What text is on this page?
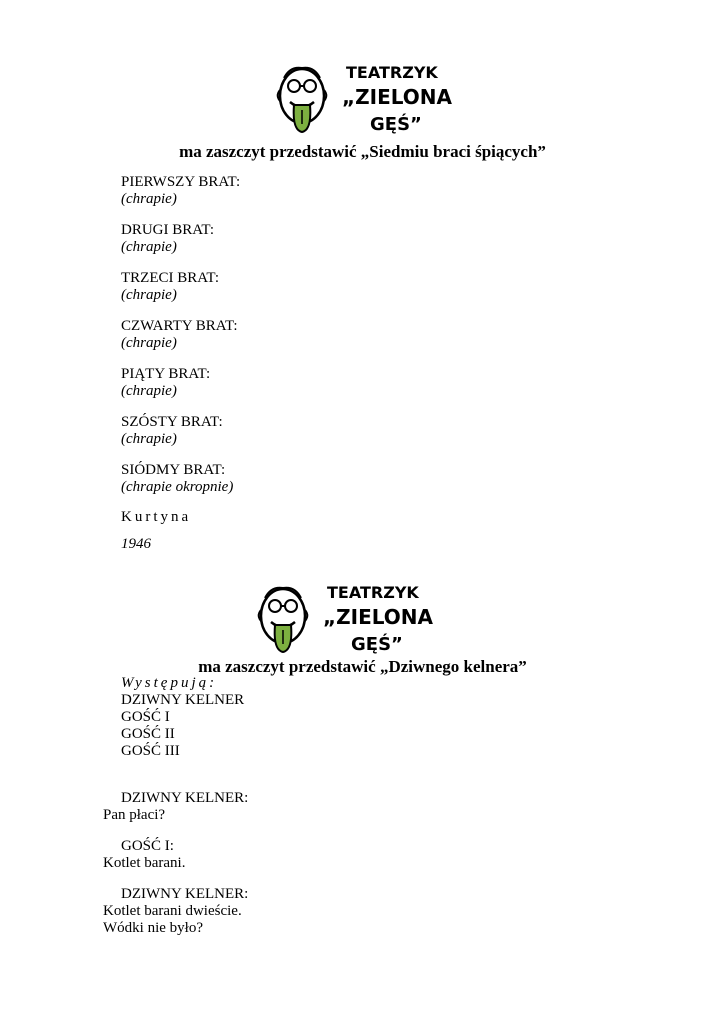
TEATRZYK
„ZIELONA
GĘŚ”
ma zaszczyt przedstawić „Siedmiu braci śpiących”
PIERWSZY BRAT:
(chrapie)
DRUGI BRAT:
(chrapie)
TRZECI BRAT:
(chrapie)
CZWARTY BRAT:
(chrapie)
PIĄTY BRAT:
(chrapie)
SZÓSTY BRAT:
(chrapie)
SIÓDMY BRAT:
(chrapie okropnie)
Kurtyna
1946
TEATRZYK
„ZIELONA
GĘŚ”
ma zaszczyt przedstawić „Dziwnego kelnera”
Występują:
DZIWNY KELNER
GOŚĆ I
GOŚĆ II
GOŚĆ III
DZIWNY KELNER:
Pan płaci?
GOŚĆ I:
Kotlet barani.
DZIWNY KELNER:
Kotlet barani dwieście.
Wódki nie było?
